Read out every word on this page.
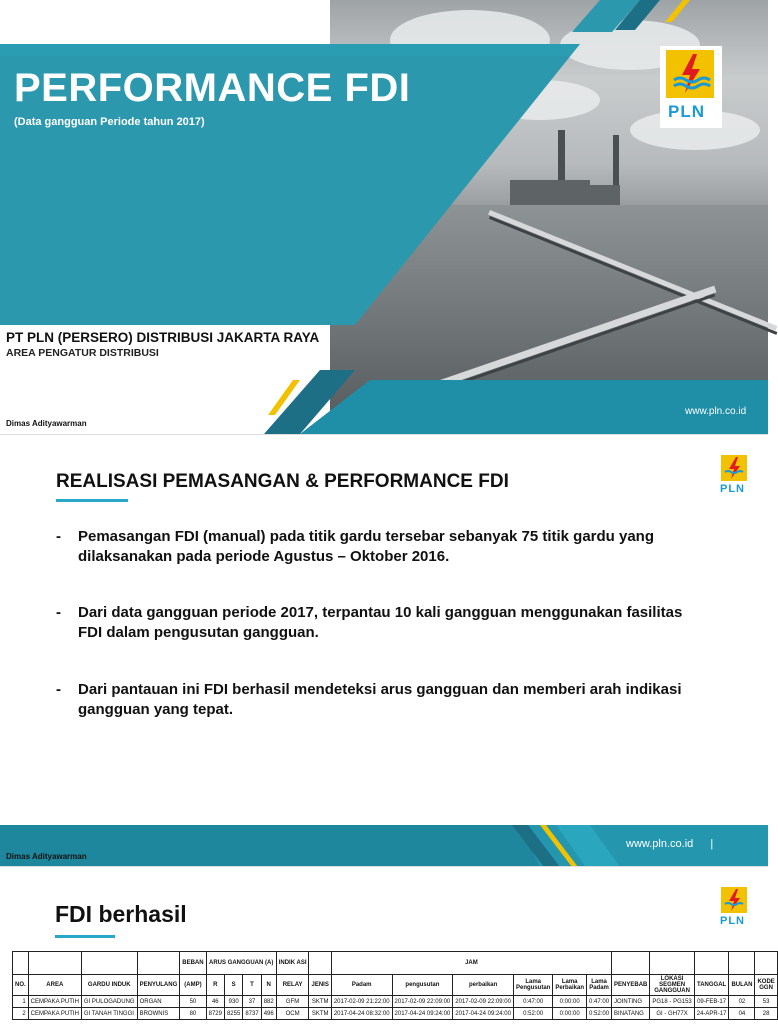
PLN
PERFORMANCE FDI
(Data gangguan Periode tahun 2017)
PT PLN (PERSERO) DISTRIBUSI JAKARTA RAYA
AREA PENGATUR DISTRIBUSI
Dimas Adityawarman
www.pln.co.id
PLN
REALISASI PEMASANGAN & PERFORMANCE FDI
- Pemasangan FDI (manual) pada titik gardu tersebar sebanyak 75 titik gardu yang dilaksanakan pada periode Agustus – Oktober 2016.
- Dari data gangguan periode 2017, terpantau 10 kali gangguan menggunakan fasilitas FDI dalam pengusutan gangguan.
- Dari pantauan ini FDI berhasil mendeteksi arus gangguan dan memberi arah indikasi gangguan yang tepat.
Dimas Adityawarman
www.pln.co.id |
PLN
FDI berhasil
				BEBAN	ARUS GANGGUAN (A)				INDIK ASI		JAM										
NO.	AREA	GARDU INDUK	PENYULANG	(AMP)	R	S	T	N	RELAY	JENIS	Padam	pengusutan	perbaikan	Lama Pengusutan	Lama Perbaikan	Lama Padam	PENYEBAB	LOKASI SEGMEN GANGGUAN	TANGGAL	BULAN	KODE GGN
1	CEMPAKA PUTIH	GI PULOGADUNG	ORGAN	50	46	930	37	882	GFM	SKTM	2017-02-09 21:22:00	2017-02-09 22:09:00	2017-02-09 22:09:00	0:47:00	0:00:00	0:47:00	JOINTING	PG18 - PG153	09-FEB-17	02	53
2	CEMPAKA PUTIH	GI TANAH TINGGI	BROWNIS	80	8729	8255	8737	496	OCM	SKTM	2017-04-24 08:32:00	2017-04-24 09:24:00	2017-04-24 09:24:00	0:52:00	0:00:00	0:52:00	BINATANG	GI - GH77X	24-APR-17	04	28
